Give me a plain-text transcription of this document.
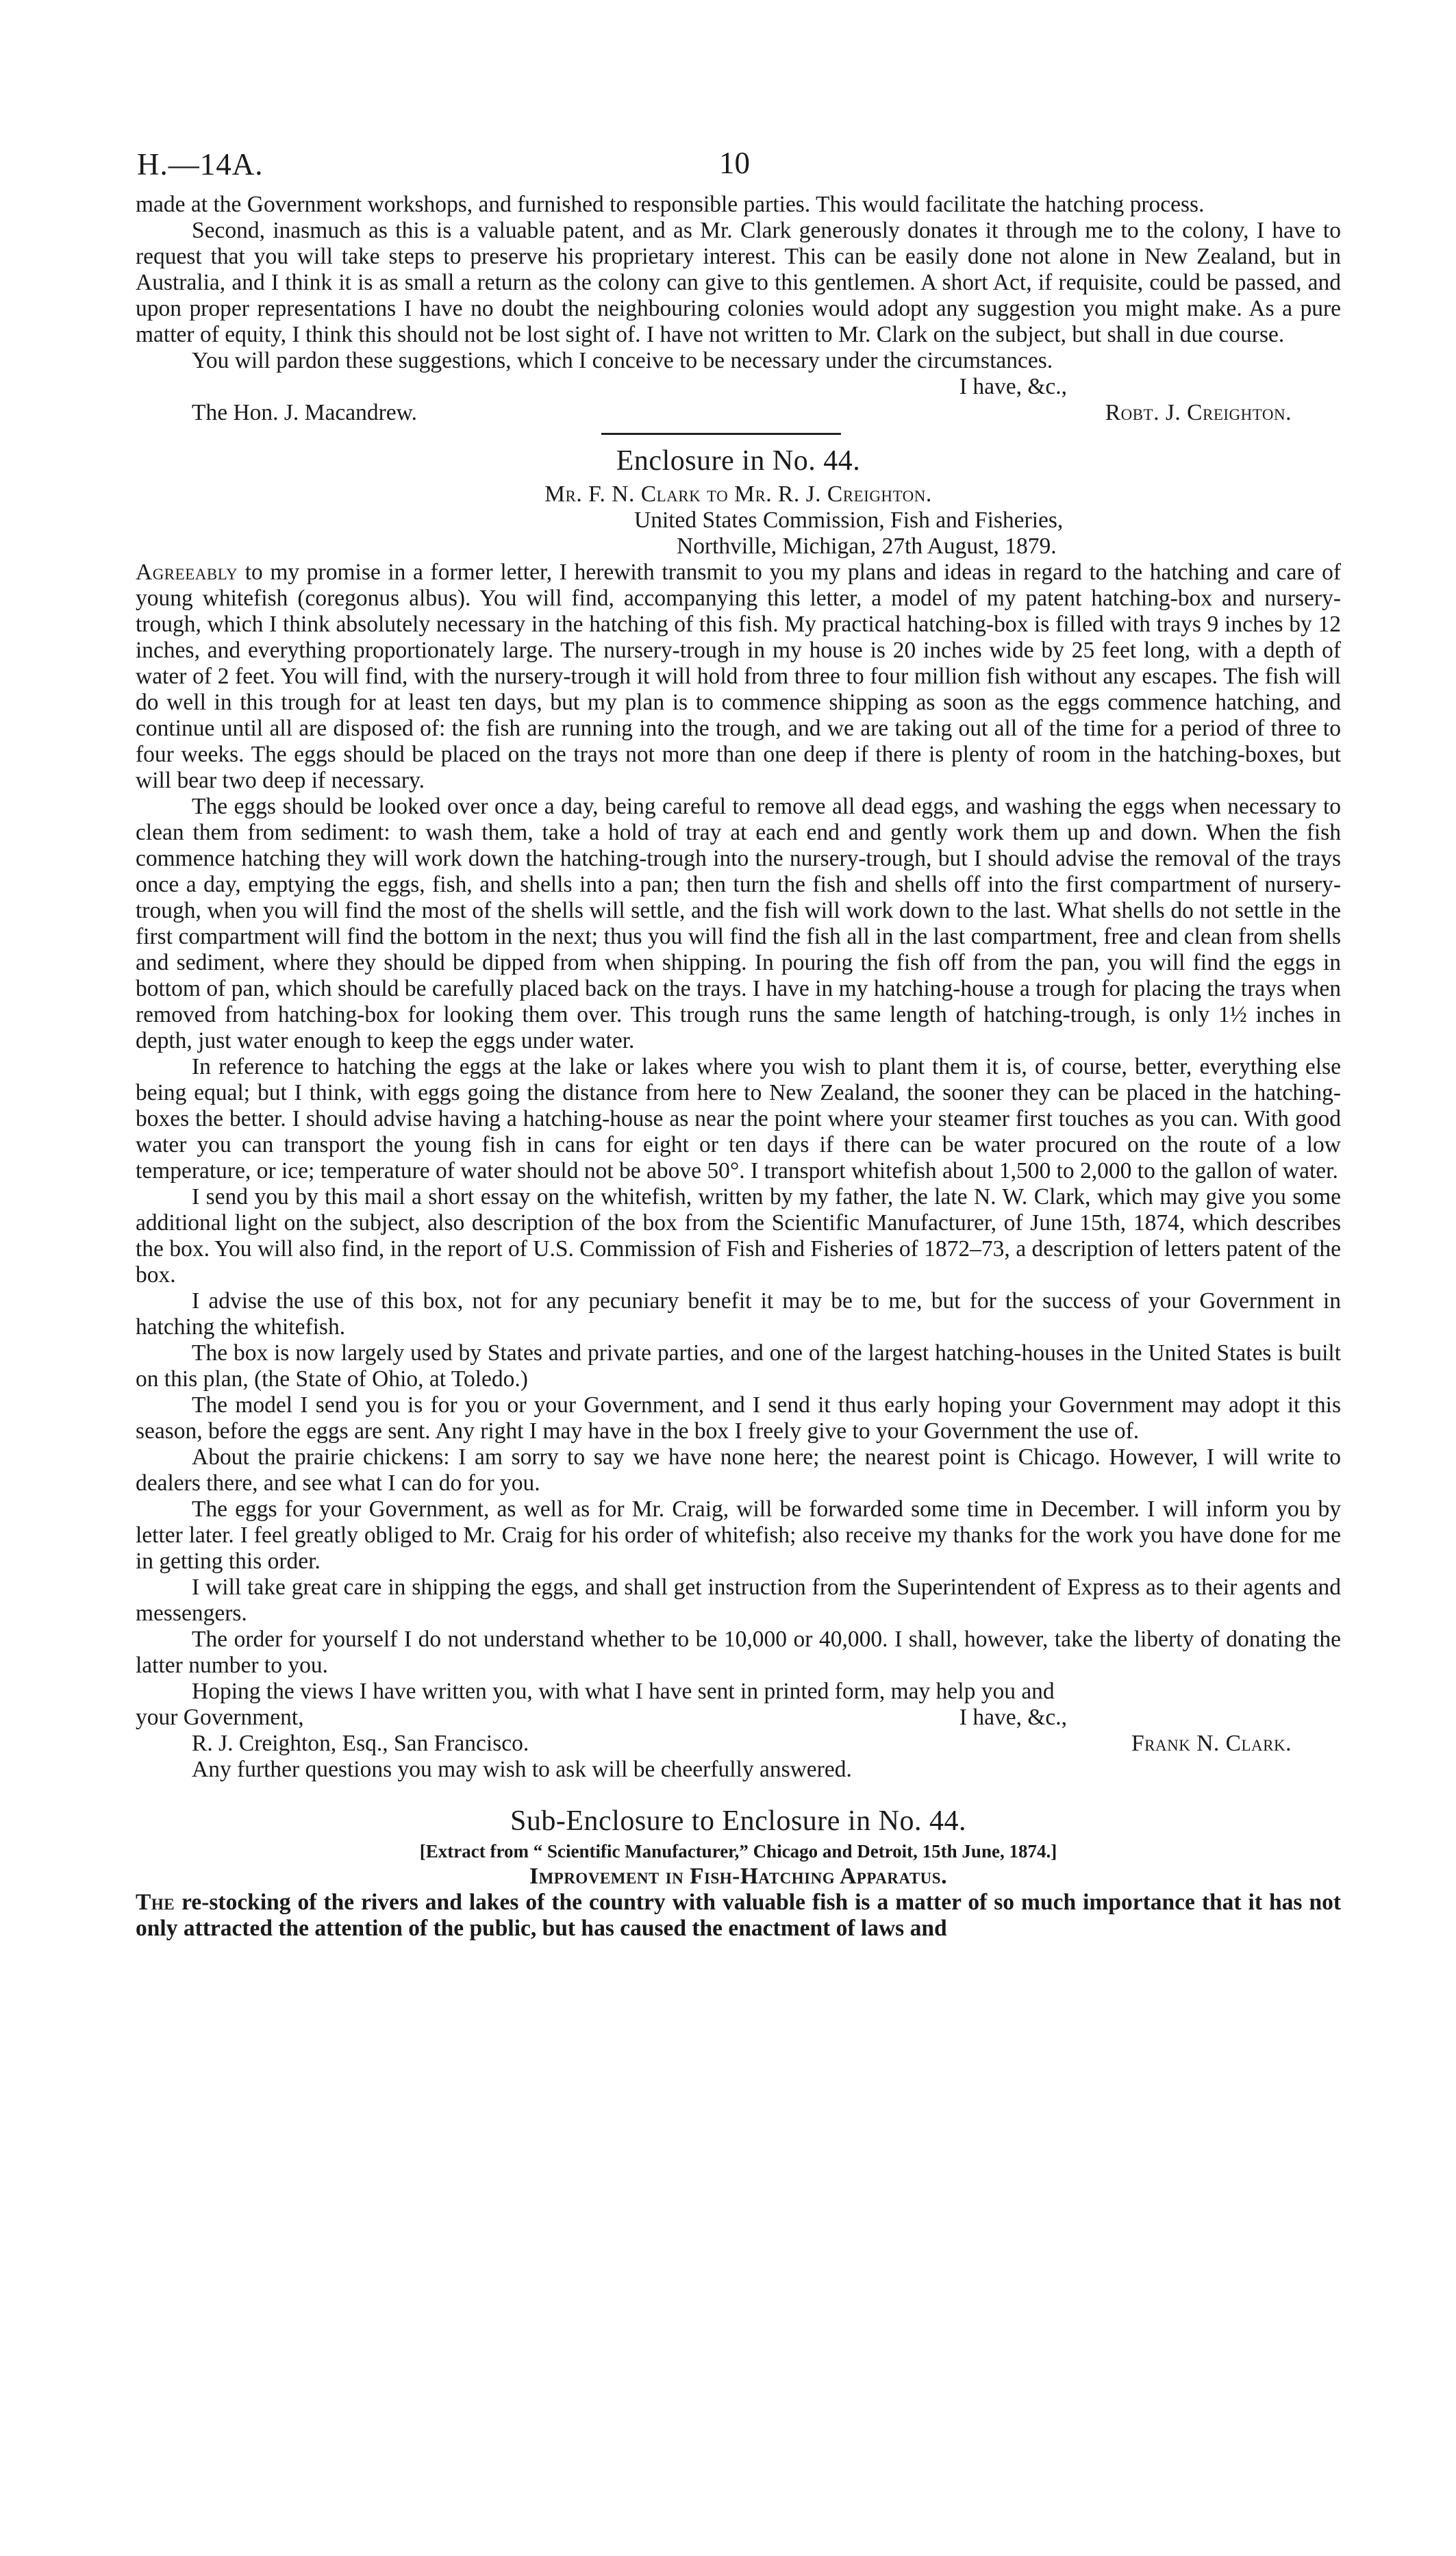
H.—14A.	10

made at the Government workshops, and furnished to responsible parties. This would facilitate the hatching process.

Second, inasmuch as this is a valuable patent, and as Mr. Clark generously donates it through me to the colony, I have to request that you will take steps to preserve his proprietary interest. This can be easily done not alone in New Zealand, but in Australia, and I think it is as small a return as the colony can give to this gentlemen. A short Act, if requisite, could be passed, and upon proper representations I have no doubt the neighbouring colonies would adopt any suggestion you might make. As a pure matter of equity, I think this should not be lost sight of. I have not written to Mr. Clark on the subject, but shall in due course.

You will pardon these suggestions, which I conceive to be necessary under the circumstances.

I have, &c.,
The Hon. J. Macandrew.	Robt. J. Creighton.
Enclosure in No. 44.
Mr. F. N. Clark to Mr. R. J. Creighton.
United States Commission, Fish and Fisheries,
Northville, Michigan, 27th August, 1879.

Agreeably to my promise in a former letter, I herewith transmit to you my plans and ideas in regard to the hatching and care of young whitefish (coregonus albus). You will find, accompanying this letter, a model of my patent hatching-box and nursery-trough, which I think absolutely necessary in the hatching of this fish. My practical hatching-box is filled with trays 9 inches by 12 inches, and everything proportionately large. The nursery-trough in my house is 20 inches wide by 25 feet long, with a depth of water of 2 feet. You will find, with the nursery-trough it will hold from three to four million fish without any escapes. The fish will do well in this trough for at least ten days, but my plan is to commence shipping as soon as the eggs commence hatching, and continue until all are disposed of: the fish are running into the trough, and we are taking out all of the time for a period of three to four weeks. The eggs should be placed on the trays not more than one deep if there is plenty of room in the hatching-boxes, but will bear two deep if necessary.

The eggs should be looked over once a day, being careful to remove all dead eggs, and washing the eggs when necessary to clean them from sediment: to wash them, take a hold of tray at each end and gently work them up and down. When the fish commence hatching they will work down the hatching-trough into the nursery-trough, but I should advise the removal of the trays once a day, emptying the eggs, fish, and shells into a pan; then turn the fish and shells off into the first compartment of nursery-trough, when you will find the most of the shells will settle, and the fish will work down to the last. What shells do not settle in the first compartment will find the bottom in the next; thus you will find the fish all in the last compartment, free and clean from shells and sediment, where they should be dipped from when shipping. In pouring the fish off from the pan, you will find the eggs in bottom of pan, which should be carefully placed back on the trays. I have in my hatching-house a trough for placing the trays when removed from hatching-box for looking them over. This trough runs the same length of hatching-trough, is only 1½ inches in depth, just water enough to keep the eggs under water.

In reference to hatching the eggs at the lake or lakes where you wish to plant them it is, of course, better, everything else being equal; but I think, with eggs going the distance from here to New Zealand, the sooner they can be placed in the hatching-boxes the better. I should advise having a hatching-house as near the point where your steamer first touches as you can. With good water you can transport the young fish in cans for eight or ten days if there can be water procured on the route of a low temperature, or ice; temperature of water should not be above 50°. I transport whitefish about 1,500 to 2,000 to the gallon of water.

I send you by this mail a short essay on the whitefish, written by my father, the late N. W. Clark, which may give you some additional light on the subject, also description of the box from the Scientific Manufacturer, of June 15th, 1874, which describes the box. You will also find, in the report of U.S. Commission of Fish and Fisheries of 1872–73, a description of letters patent of the box.

I advise the use of this box, not for any pecuniary benefit it may be to me, but for the success of your Government in hatching the whitefish.

The box is now largely used by States and private parties, and one of the largest hatching-houses in the United States is built on this plan, (the State of Ohio, at Toledo.)

The model I send you is for you or your Government, and I send it thus early hoping your Government may adopt it this season, before the eggs are sent. Any right I may have in the box I freely give to your Government the use of.

About the prairie chickens: I am sorry to say we have none here; the nearest point is Chicago. However, I will write to dealers there, and see what I can do for you.

The eggs for your Government, as well as for Mr. Craig, will be forwarded some time in December. I will inform you by letter later. I feel greatly obliged to Mr. Craig for his order of whitefish; also receive my thanks for the work you have done for me in getting this order.

I will take great care in shipping the eggs, and shall get instruction from the Superintendent of Express as to their agents and messengers.

The order for yourself I do not understand whether to be 10,000 or 40,000. I shall, however, take the liberty of donating the latter number to you.

Hoping the views I have written you, with what I have sent in printed form, may help you and

your Government,	I have, &c.,
R. J. Creighton, Esq., San Francisco.	Frank N. Clark.

Any further questions you may wish to ask will be cheerfully answered.

Sub-Enclosure to Enclosure in No. 44.
[Extract from “ Scientific Manufacturer,” Chicago and Detroit, 15th June, 1874.]
Improvement in Fish-Hatching Apparatus.

The re-stocking of the rivers and lakes of the country with valuable fish is a matter of so much importance that it has not only attracted the attention of the public, but has caused the enactment of laws and
